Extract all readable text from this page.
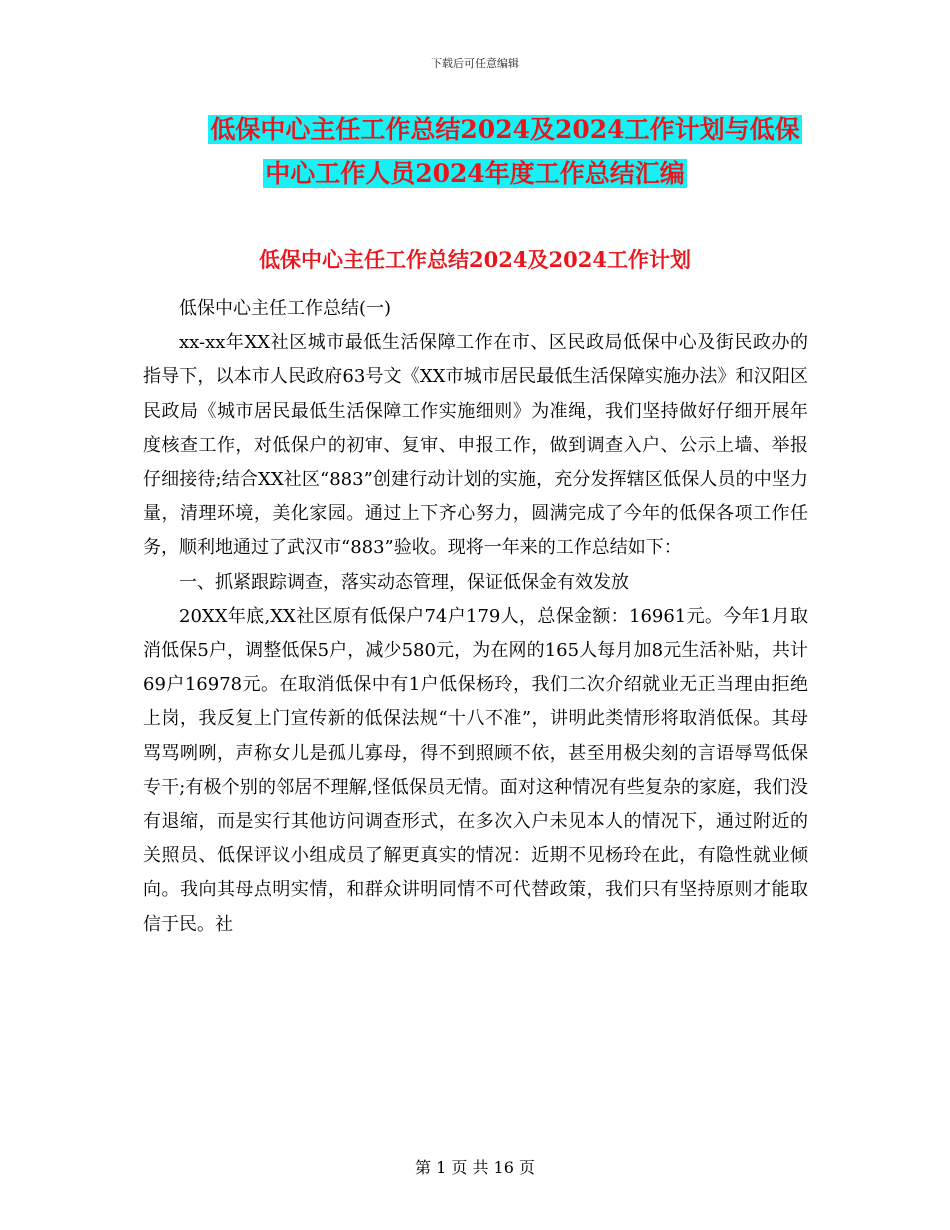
下载后可任意编辑
低保中心主任工作总结2024及2024工作计划与低保
中心工作人员2024年度工作总结汇编
低保中心主任工作总结2024及2024工作计划

低保中心主任工作总结(一)

xx-xx年XX社区城市最低生活保障工作在市、区民政局低保中心及街民政办的指导下，以本市人民政府63号文《XX市城市居民最低生活保障实施办法》和汉阳区民政局《城市居民最低生活保障工作实施细则》为准绳，我们坚持做好仔细开展年度核查工作，对低保户的初审、复审、申报工作，做到调查入户、公示上墙、举报仔细接待;结合XX社区“883”创建行动计划的实施，充分发挥辖区低保人员的中坚力量，清理环境，美化家园。通过上下齐心努力，圆满完成了今年的低保各项工作任务，顺利地通过了武汉市“883”验收。现将一年来的工作总结如下：

一、抓紧跟踪调查，落实动态管理，保证低保金有效发放

20XX年底,XX社区原有低保户74户179人，总保金额：16961元。今年1月取消低保5户，调整低保5户，减少580元，为在网的165人每月加8元生活补贴，共计69户16978元。在取消低保中有1户低保杨玲，我们二次介绍就业无正当理由拒绝上岗，我反复上门宣传新的低保法规“十八不准”，讲明此类情形将取消低保。其母骂骂咧咧，声称女儿是孤儿寡母，得不到照顾不依，甚至用极尖刻的言语辱骂低保专干;有极个别的邻居不理解,怪低保员无情。面对这种情况有些复杂的家庭，我们没有退缩，而是实行其他访问调查形式，在多次入户未见本人的情况下，通过附近的关照员、低保评议小组成员了解更真实的情况：近期不见杨玲在此，有隐性就业倾向。我向其母点明实情，和群众讲明同情不可代替政策，我们只有坚持原则才能取信于民。社

第 1 页 共 16 页
